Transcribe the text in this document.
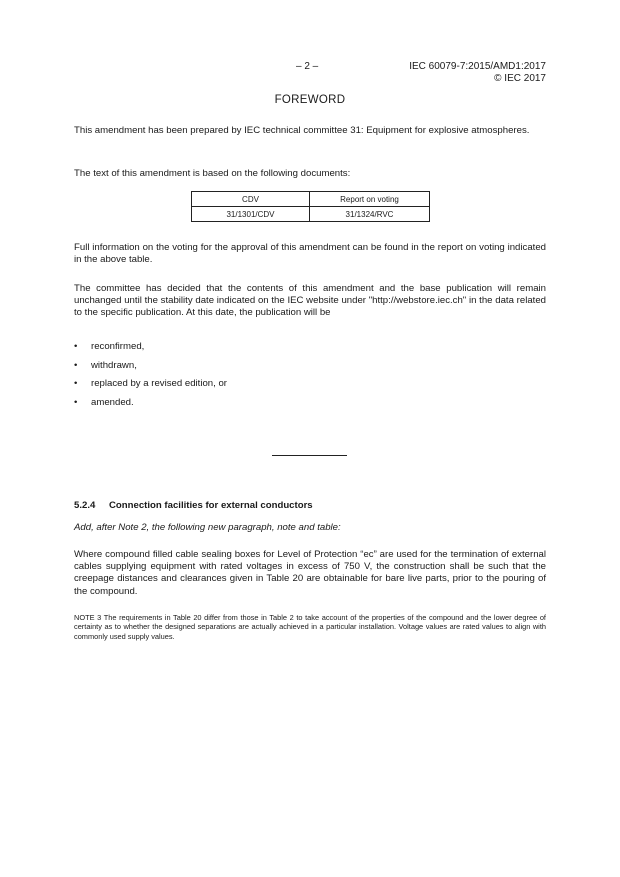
– 2 –	IEC 60079-7:2015/AMD1:2017
© IEC 2017
FOREWORD

This amendment has been prepared by IEC technical committee 31: Equipment for explosive atmospheres.

The text of this amendment is based on the following documents:

CDV	Report on voting
31/1301/CDV	31/1324/RVC

Full information on the voting for the approval of this amendment can be found in the report on voting indicated in the above table.

The committee has decided that the contents of this amendment and the base publication will remain unchanged until the stability date indicated on the IEC website under "http://webstore.iec.ch" in the data related to the specific publication. At this date, the publication will be

• reconfirmed,
• withdrawn,
• replaced by a revised edition, or
• amended.
5.2.4 Connection facilities for external conductors
Add, after Note 2, the following new paragraph, note and table:

Where compound filled cable sealing boxes for Level of Protection “ec” are used for the termination of external cables supplying equipment with rated voltages in excess of 750 V, the construction shall be such that the creepage distances and clearances given in Table 20 are obtainable for bare live parts, prior to the pouring of the compound.

NOTE 3 The requirements in Table 20 differ from those in Table 2 to take account of the properties of the compound and the lower degree of certainty as to whether the designed separations are actually achieved in a particular installation. Voltage values are rated values to align with commonly used supply values.
